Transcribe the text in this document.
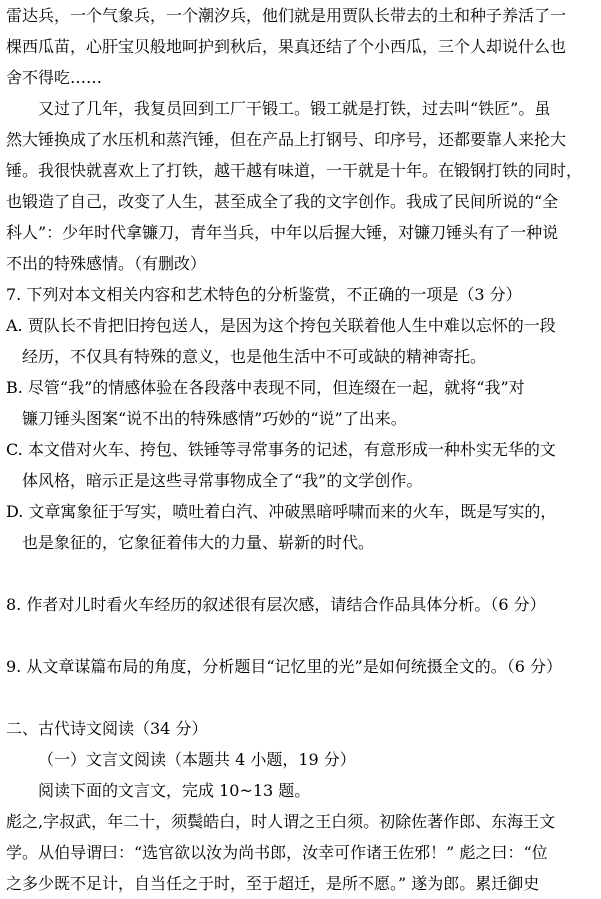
雷达兵，一个气象兵，一个潮汐兵，他们就是用贾队长带去的土和种子养活了一
棵西瓜苗，心肝宝贝般地呵护到秋后，果真还结了个小西瓜，三个人却说什么也
舍不得吃……
又过了几年，我复员回到工厂干锻工。锻工就是打铁，过去叫“铁匠”。虽
然大锤换成了水压机和蒸汽锤，但在产品上打钢号、印序号，还都要靠人来抡大
锤。我很快就喜欢上了打铁，越干越有味道，一干就是十年。在锻钢打铁的同时，
也锻造了自己，改变了人生，甚至成全了我的文字创作。我成了民间所说的“全
科人”：少年时代拿镰刀，青年当兵，中年以后握大锤，对镰刀锤头有了一种说
不出的特殊感情。（有删改）
7. 下列对本文相关内容和艺术特色的分析鉴赏，不正确的一项是（3 分）
A. 贾队长不肯把旧挎包送人，是因为这个挎包关联着他人生中难以忘怀的一段
经历，不仅具有特殊的意义，也是他生活中不可或缺的精神寄托。
B. 尽管“我”的情感体验在各段落中表现不同，但连缀在一起，就将“我”对
镰刀锤头图案“说不出的特殊感情”巧妙的“说”了出来。
C. 本文借对火车、挎包、铁锤等寻常事务的记述，有意形成一种朴实无华的文
体风格，暗示正是这些寻常事物成全了“我”的文学创作。
D. 文章寓象征于写实，喷吐着白汽、冲破黑暗呼啸而来的火车，既是写实的，
也是象征的，它象征着伟大的力量、崭新的时代。
8. 作者对儿时看火车经历的叙述很有层次感，请结合作品具体分析。（6 分）
9. 从文章谋篇布局的角度，分析题目“记忆里的光”是如何统摄全文的。（6 分）
二、古代诗文阅读（34 分）
（一）文言文阅读（本题共 4 小题，19 分）
阅读下面的文言文，完成 10~13 题。
彪之,字叔武，年二十，须鬓皓白，时人谓之王白须。初除佐著作郎、东海王文
学。从伯导谓曰：“选官欲以汝为尚书郎，汝幸可作诸王佐邪！” 彪之曰：“位
之多少既不足计，自当任之于时，至于超迁，是所不愿。” 遂为郎。累迁御史
